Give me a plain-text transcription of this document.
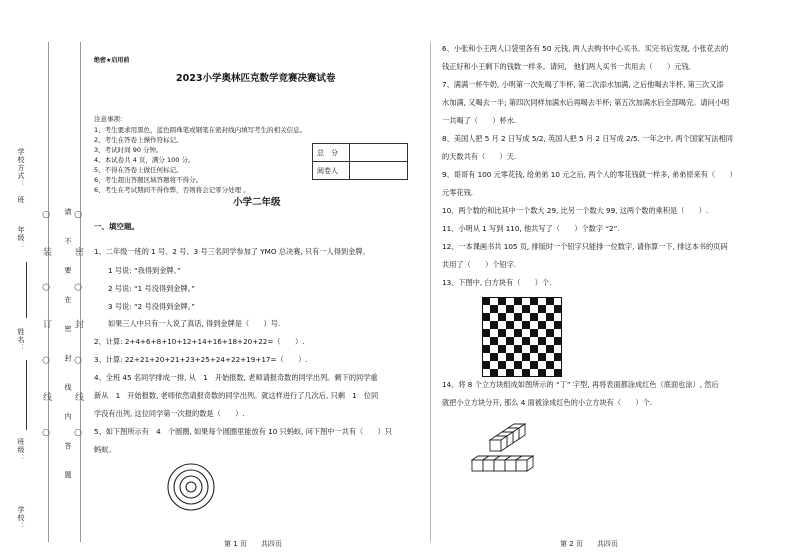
○ 装 ○ 订 ○ 线 ○ ○ 密 ○ 封 ○ 线 ○
请 不 要 在 密 封 线 内 答 题
学校：
姓名：
班级：
年级：
学校方式：
班
绝密★启用前
2023小学奥林匹克数学竞赛决赛试卷
注意事项:
1、考生要求用黑色，蓝色圆珠笔或钢笔在密封线内填写考生的相关信息。
2、考生在答卷上操作符标记。
3、考试时间 90 分钟。
4、本试卷共 4 页，满分 100 分。
5、不得在答卷上做任何标记。
6、考生超出答题区域答题将不得分。
6、考生在考试期间不得作弊，否则将会记零分处理 。
总　分	
阅卷人	
小学二年级
一、填空题。
1、二年级一班的 1 号、2 号、3 号三名同学参加了 YMO 总决赛, 只有一人得到金牌。
1 号说: “我得到金牌。”
2 号说: “1 号没得到金牌。”
3 号说: “2 号没得到金牌。”
如果三人中只有一人说了真话, 得到金牌是（　　）号.
2、计算: 2+4+6+8+10+12+14+16+18+20+22=（　　）.
3、计算: 22+21+20+21+23+25+24+22+19+17=（　　）.
4、全班 45 名同学排成一排, 从　1　开始报数, 老师请报奇数的同学出列。剩下的同学重
新从　1　开始报数, 老师依然请报奇数的同学出列。就这样进行了几次后, 只剩　1　位同
学没有出列, 这位同学第一次报的数是（　　）.
5、如下图所示有　4　个圆圈, 如果每个圆圈里能放有 10 只蚂蚁, 问下图中一共有（　　）只
蚂蚁。
6、小张和小王两人口袋里各有 50 元钱, 两人去购书中心买书。买完书后发现, 小张花去的
钱正好和小王剩下的钱数一样多。请问,　他们两人买书一共用去（　　）元钱.
7、满满一杯牛奶, 小明第一次先喝了半杯, 第二次添水加满, 之后他喝去半杯, 第三次又添
水加满, 又喝去一半; 第四次同样加满水后再喝去半杯; 第五次加满水后全部喝完。请问小明
一共喝了（　　）杯水.
8、美国人把 5 月 2 日写成 5/2, 英国人把 5 月 2 日写成 2/5. 一年之中, 两个国家写法相同
的天数共有（　　）天.
9、哥哥有 100 元零花钱, 给弟弟 10 元之后, 两个人的零花钱就一样多, 弟弟原来有（　　）
元零花钱.
10、两个数的和比其中一个数大 29, 比另一个数大 99, 这两个数的乘积是（　　）.
11、小明从 1 写到 110, 他共写了（　　）个数字 “2”.
12、一本课画书共 105 页, 排版时一个铅字只能排一位数字, 请你算一下, 排这本书的页码
共用了（　　）个铅字.
13、下图中, 白方块有（　　）个.
14、将 8 个立方块组成如图所示的 “丁” 字型, 再将表面都涂成红色（底面也涂）, 然后
就把小立方块分开, 那么 4 面被涂成红色的小立方块有（　　）个.
第 1 页　　共四页	第 2 页　　共四页
